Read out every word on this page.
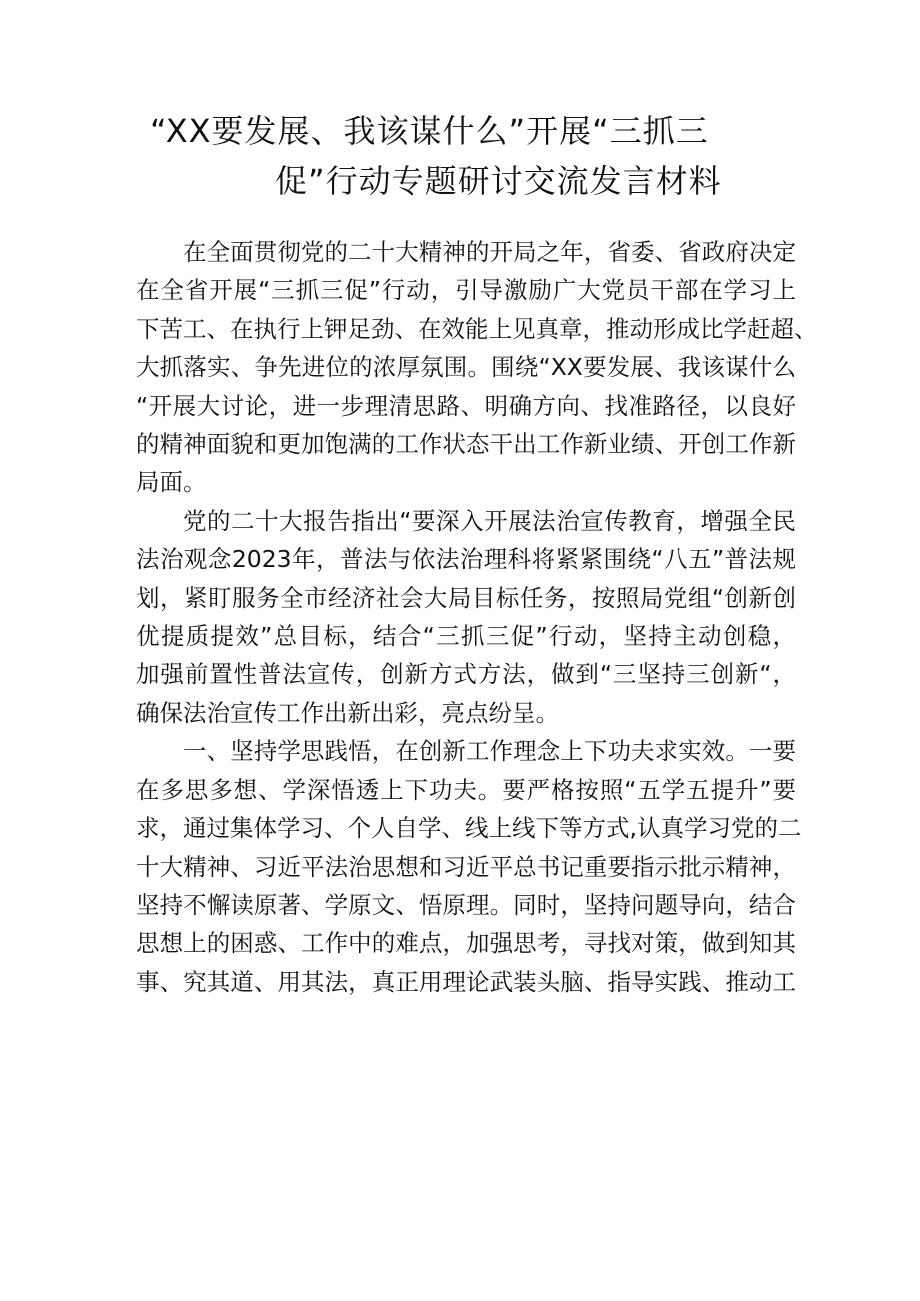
“XX要发展、我该谋什么”开展“三抓三
促”行动专题研讨交流发言材料
在全面贯彻党的二十大精神的开局之年，省委、省政府决定
在全省开展“三抓三促”行动，引导激励广大党员干部在学习上
下苦工、在执行上钾足劲、在效能上见真章，推动形成比学赶超、
大抓落实、争先进位的浓厚氛围。围绕“XX要发展、我该谋什么
“开展大讨论，进一步理清思路、明确方向、找准路径，以良好
的精神面貌和更加饱满的工作状态干出工作新业绩、开创工作新
局面。
党的二十大报告指出“要深入开展法治宣传教育，增强全民
法治观念2023年，普法与依法治理科将紧紧围绕“八五”普法规
划，紧盯服务全市经济社会大局目标任务，按照局党组“创新创
优提质提效”总目标，结合“三抓三促”行动，坚持主动创稳，
加强前置性普法宣传，创新方式方法，做到“三坚持三创新“，
确保法治宣传工作出新出彩，亮点纷呈。
一、坚持学思践悟，在创新工作理念上下功夫求实效。一要
在多思多想、学深悟透上下功夫。要严格按照“五学五提升”要
求，通过集体学习、个人自学、线上线下等方式,认真学习党的二
十大精神、习近平法治思想和习近平总书记重要指示批示精神，
坚持不懈读原著、学原文、悟原理。同时，坚持问题导向，结合
思想上的困惑、工作中的难点，加强思考，寻找对策，做到知其
事、究其道、用其法，真正用理论武装头脑、指导实践、推动工
